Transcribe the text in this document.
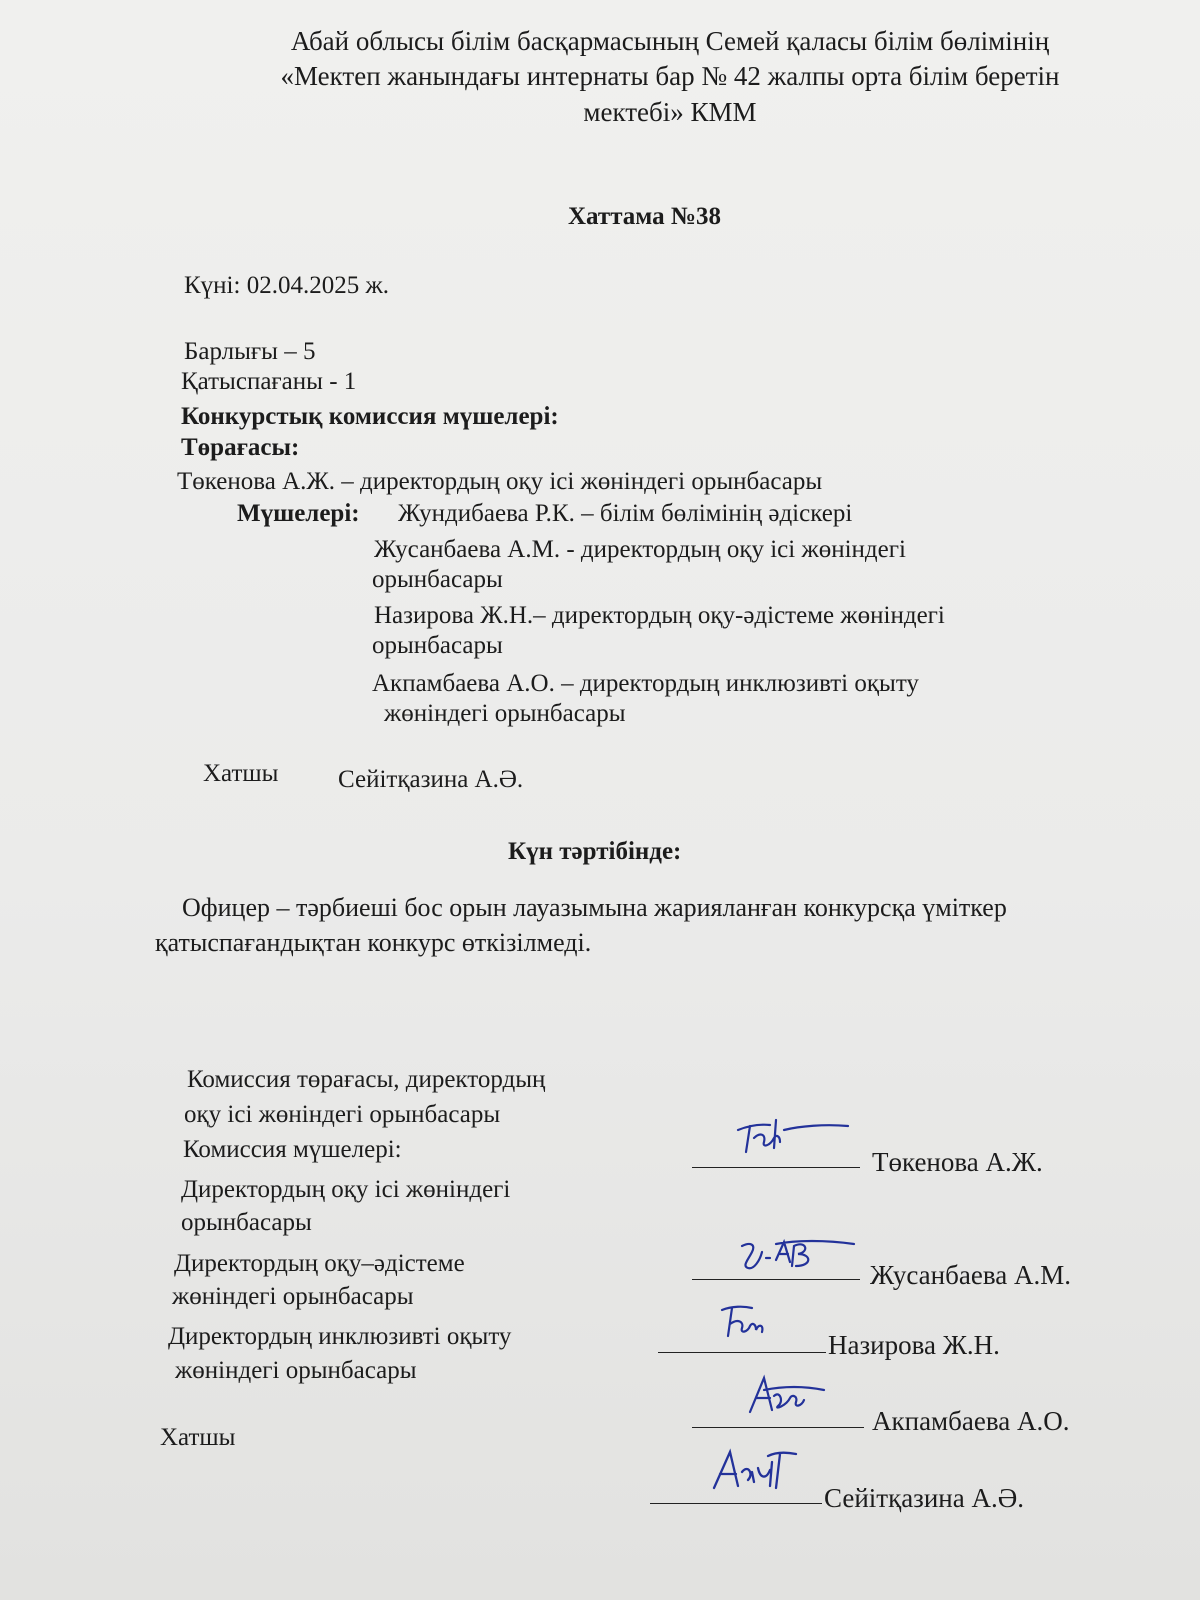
Абай облысы білім басқармасының Семей қаласы білім бөлімінің
«Мектеп жанындағы интернаты бар № 42 жалпы орта білім беретін
мектебі» КММ
Хаттама №38
Күні: 02.04.2025 ж.
Барлығы – 5
Қатыспағаны - 1
Конкурстық комиссия мүшелері:
Төрағасы:
Төкенова А.Ж. – директордың оқу ісі жөніндегі орынбасары
Мүшелері: Жундибаева Р.К. – білім бөлімінің әдіскері
Жусанбаева А.М. - директордың оқу ісі жөніндегі
орынбасары
Назирова Ж.Н.– директордың оқу-әдістеме жөніндегі
орынбасары
Акпамбаева А.О. – директордың инклюзивті оқыту
жөніндегі орынбасары
Хатшы Сейітқазина А.Ә.
Күн тәртібінде:
Офицер – тәрбиеші бос орын лауазымына жарияланған конкурсқа үміткер
қатыспағандықтан конкурс өткізілмеді.
Комиссия төрағасы, директордың
оқу ісі жөніндегі орынбасары
Комиссия мүшелері:
Директордың оқу ісі жөніндегі
орынбасары
Директордың оқу–әдістеме
жөніндегі орынбасары
Директордың инклюзивті оқыту
жөніндегі орынбасары
Хатшы
Төкенова А.Ж.
Жусанбаева А.М.
Назирова Ж.Н.
Акпамбаева А.О.
Сейітқазина А.Ә.
